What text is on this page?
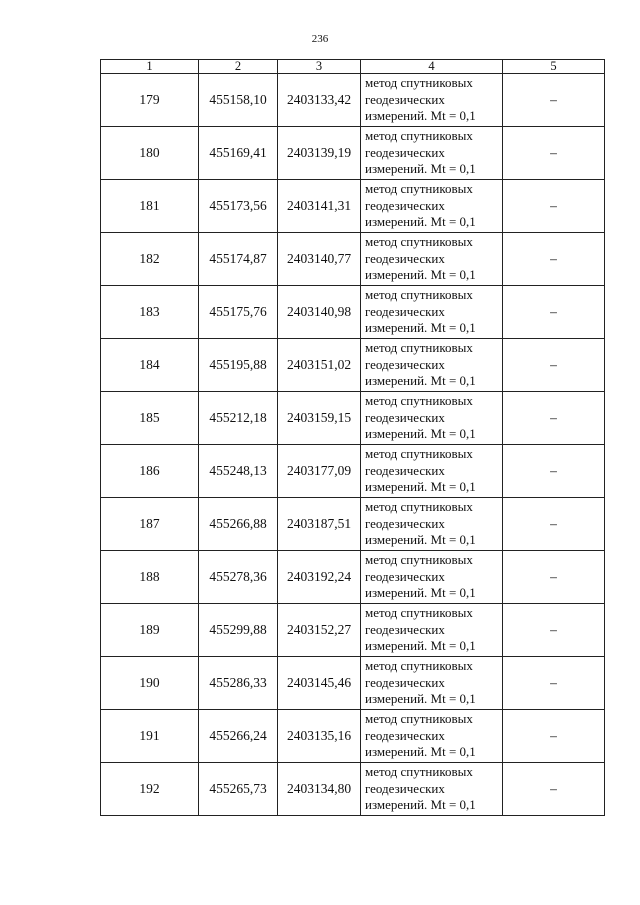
236
1	2	3	4	5
179	455158,10	2403133,42	метод спутниковых
геодезических
измерений. Mt = 0,1	–
180	455169,41	2403139,19	метод спутниковых
геодезических
измерений. Mt = 0,1	–
181	455173,56	2403141,31	метод спутниковых
геодезических
измерений. Mt = 0,1	–
182	455174,87	2403140,77	метод спутниковых
геодезических
измерений. Mt = 0,1	–
183	455175,76	2403140,98	метод спутниковых
геодезических
измерений. Mt = 0,1	–
184	455195,88	2403151,02	метод спутниковых
геодезических
измерений. Mt = 0,1	–
185	455212,18	2403159,15	метод спутниковых
геодезических
измерений. Mt = 0,1	–
186	455248,13	2403177,09	метод спутниковых
геодезических
измерений. Mt = 0,1	–
187	455266,88	2403187,51	метод спутниковых
геодезических
измерений. Mt = 0,1	–
188	455278,36	2403192,24	метод спутниковых
геодезических
измерений. Mt = 0,1	–
189	455299,88	2403152,27	метод спутниковых
геодезических
измерений. Mt = 0,1	–
190	455286,33	2403145,46	метод спутниковых
геодезических
измерений. Mt = 0,1	–
191	455266,24	2403135,16	метод спутниковых
геодезических
измерений. Mt = 0,1	–
192	455265,73	2403134,80	метод спутниковых
геодезических
измерений. Mt = 0,1	–
